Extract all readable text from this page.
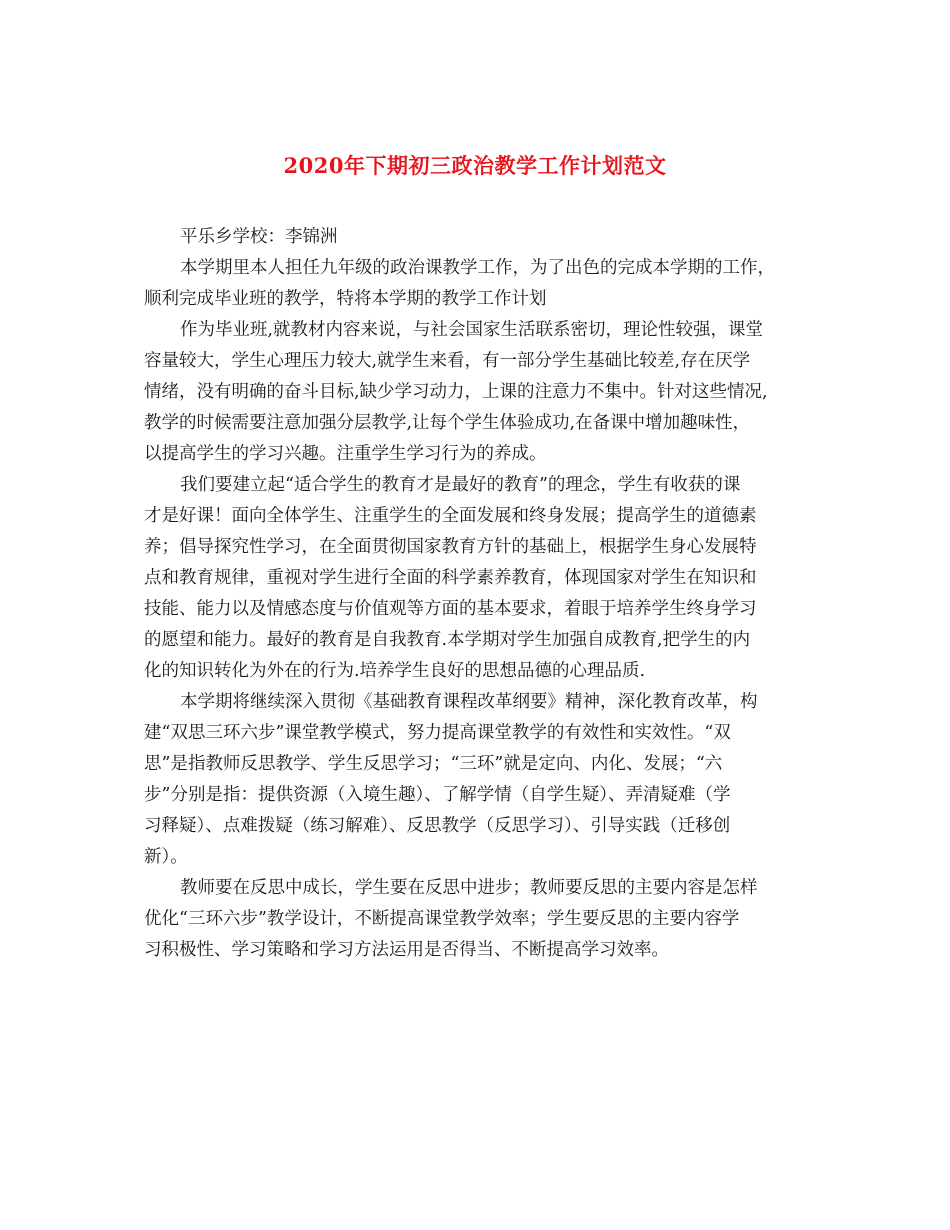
2020年下期初三政治教学工作计划范文

平乐乡学校：李锦洲

本学期里本人担任九年级的政治课教学工作，为了出色的完成本学期的工作，
顺利完成毕业班的教学，特将本学期的教学工作计划

作为毕业班,就教材内容来说，与社会国家生活联系密切，理论性较强，课堂
容量较大，学生心理压力较大,就学生来看，有一部分学生基础比较差,存在厌学
情绪，没有明确的奋斗目标,缺少学习动力，上课的注意力不集中。针对这些情况,
教学的时候需要注意加强分层教学,让每个学生体验成功,在备课中增加趣味性，
以提高学生的学习兴趣。注重学生学习行为的养成。

我们要建立起“适合学生的教育才是最好的教育”的理念，学生有收获的课
才是好课！面向全体学生、注重学生的全面发展和终身发展；提高学生的道德素
养；倡导探究性学习，在全面贯彻国家教育方针的基础上，根据学生身心发展特
点和教育规律，重视对学生进行全面的科学素养教育，体现国家对学生在知识和
技能、能力以及情感态度与价值观等方面的基本要求，着眼于培养学生终身学习
的愿望和能力。最好的教育是自我教育.本学期对学生加强自成教育,把学生的内
化的知识转化为外在的行为.培养学生良好的思想品德的心理品质.

本学期将继续深入贯彻《基础教育课程改革纲要》精神，深化教育改革，构
建“双思三环六步”课堂教学模式，努力提高课堂教学的有效性和实效性。“双
思”是指教师反思教学、学生反思学习；“三环”就是定向、内化、发展；“六
步”分别是指：提供资源（入境生趣）、了解学情（自学生疑）、弄清疑难（学
习释疑）、点难拨疑（练习解难）、反思教学（反思学习）、引导实践（迁移创
新）。

教师要在反思中成长，学生要在反思中进步；教师要反思的主要内容是怎样
优化“三环六步”教学设计，不断提高课堂教学效率；学生要反思的主要内容学
习积极性、学习策略和学习方法运用是否得当、不断提高学习效率。
